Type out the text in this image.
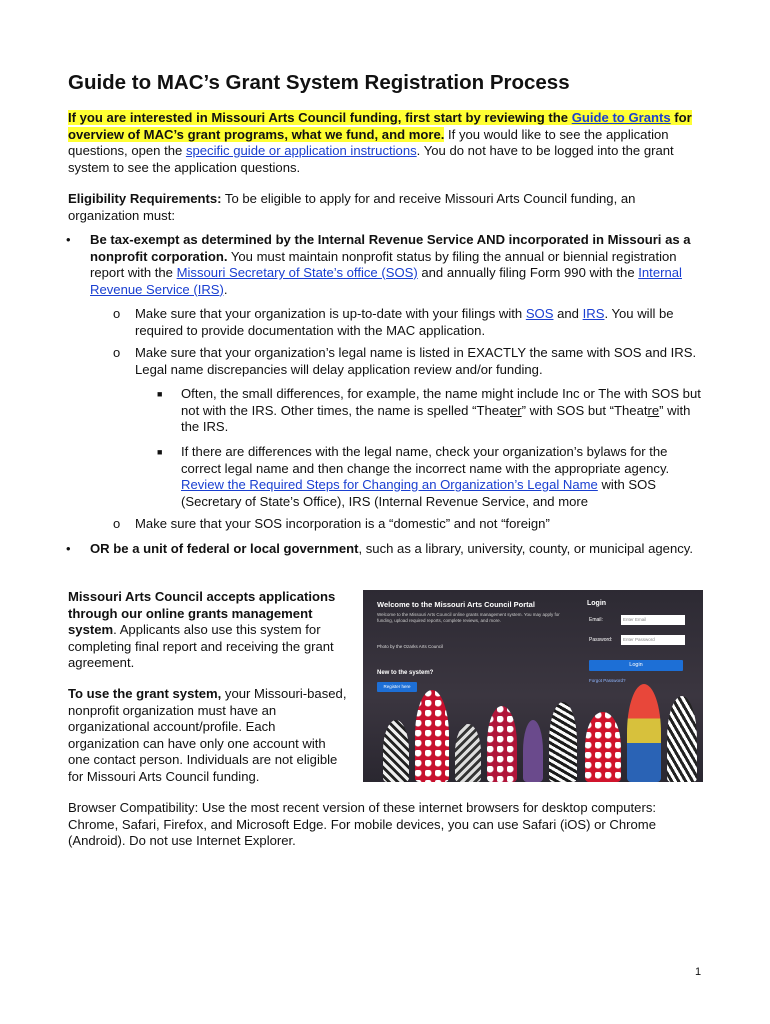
Guide to MAC’s Grant System Registration Process
If you are interested in Missouri Arts Council funding, first start by reviewing the Guide to Grants for overview of MAC’s grant programs, what we fund, and more. If you would like to see the application questions, open the specific guide or application instructions. You do not have to be logged into the grant system to see the application questions.
Eligibility Requirements: To be eligible to apply for and receive Missouri Arts Council funding, an organization must:
• Be tax-exempt as determined by the Internal Revenue Service AND incorporated in Missouri as a nonprofit corporation. You must maintain nonprofit status by filing the annual or biennial registration report with the Missouri Secretary of State’s office (SOS) and annually filing Form 990 with the Internal Revenue Service (IRS).
o Make sure that your organization is up-to-date with your filings with SOS and IRS. You will be required to provide documentation with the MAC application.
o Make sure that your organization’s legal name is listed in EXACTLY the same with SOS and IRS. Legal name discrepancies will delay application review and/or funding.
■ Often, the small differences, for example, the name might include Inc or The with SOS but not with the IRS. Other times, the name is spelled “Theater” with SOS but “Theatre” with the IRS.
■ If there are differences with the legal name, check your organization’s bylaws for the correct legal name and then change the incorrect name with the appropriate agency. Review the Required Steps for Changing an Organization’s Legal Name with SOS (Secretary of State’s Office), IRS (Internal Revenue Service, and more
o Make sure that your SOS incorporation is a “domestic” and not “foreign”
• OR be a unit of federal or local government, such as a library, university, county, or municipal agency.
Missouri Arts Council accepts applications through our online grants management system. Applicants also use this system for completing final report and receiving the grant agreement.
To use the grant system, your Missouri-based, nonprofit organization must have an organizational account/profile. Each organization can have only one account with one contact person. Individuals are not eligible for Missouri Arts Council funding.
Browser Compatibility: Use the most recent version of these internet browsers for desktop computers: Chrome, Safari, Firefox, and Microsoft Edge. For mobile devices, you can use Safari (iOS) or Chrome (Android). Do not use Internet Explorer.
Welcome to the Missouri Arts Council Portal
Welcome to the Missouri Arts Council online grants management system. You may apply for funding, upload required reports, complete reviews, and more.
Photo by the Ozarks Arts Council
New to the system?
Register here
Login
Email:	Enter Email
Password:	Enter Password
Login
Forgot Password?
1
